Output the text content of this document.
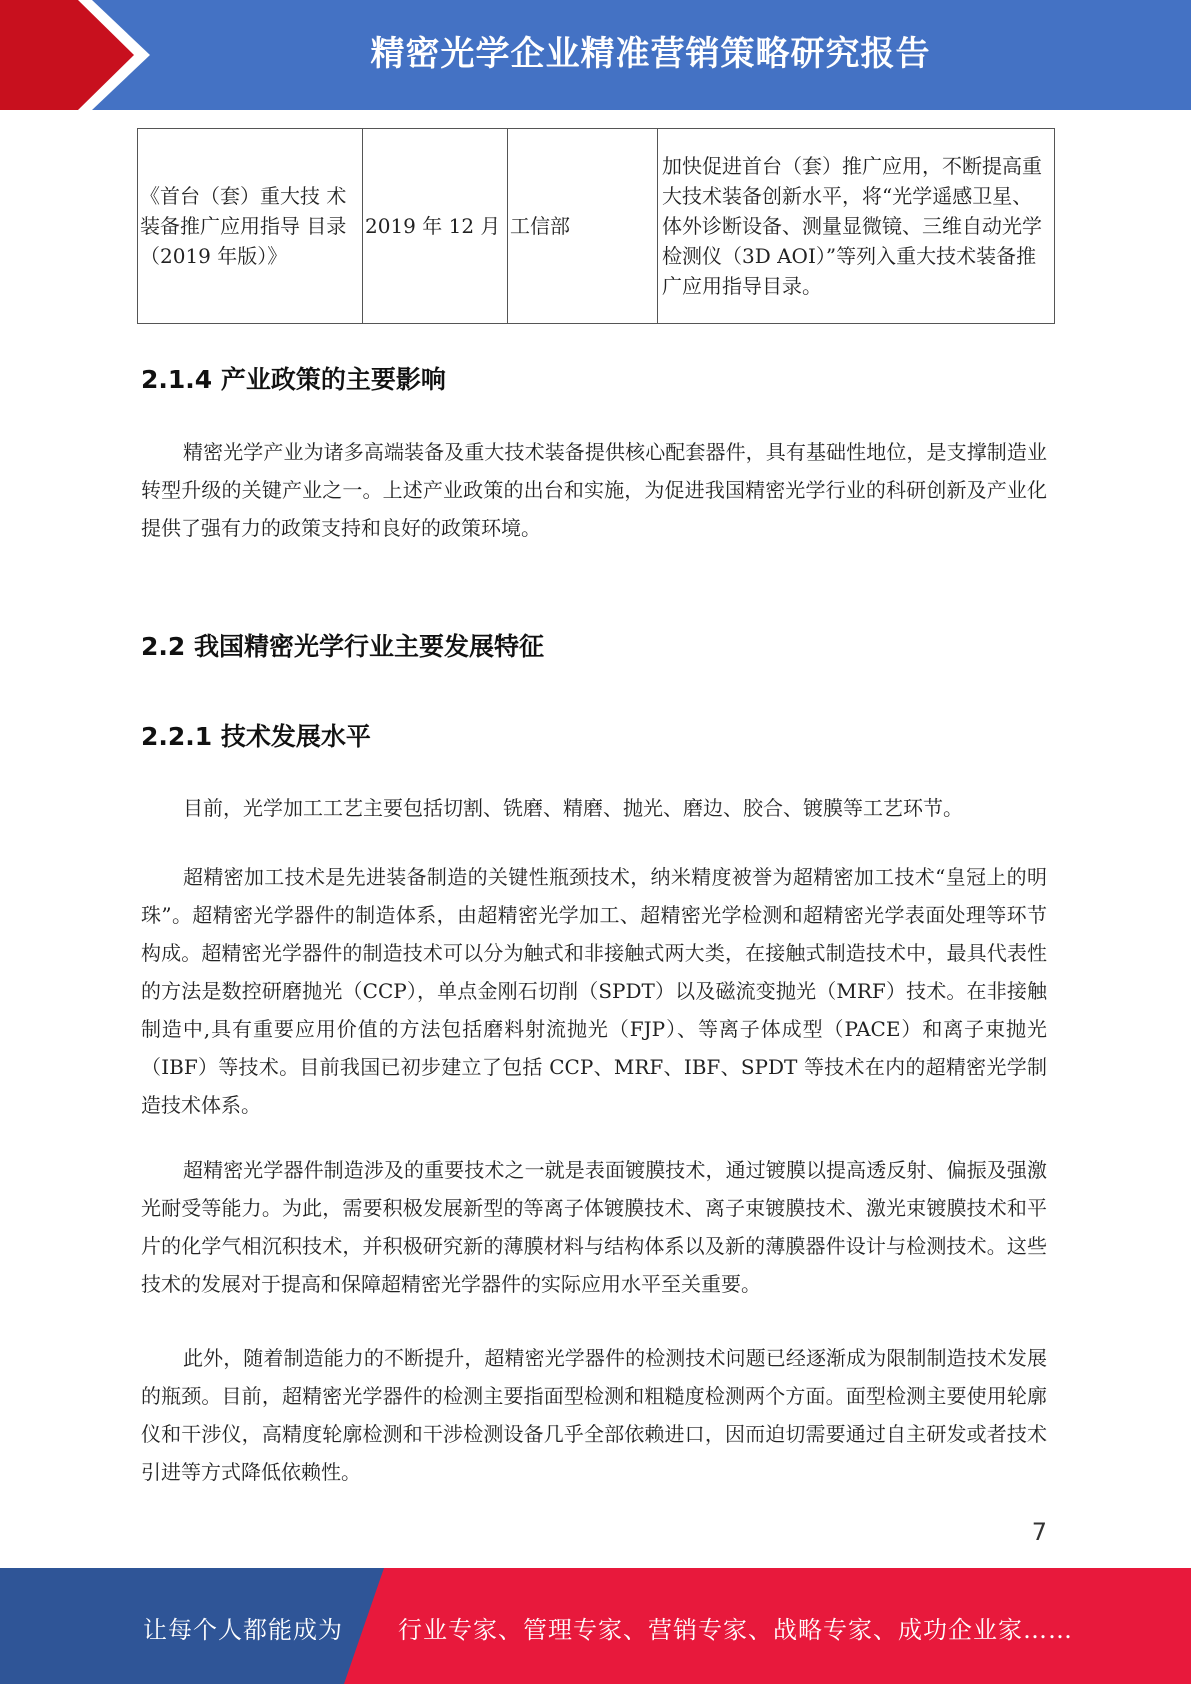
精密光学企业精准营销策略研究报告
《首台（套）重大技 术装备推广应用指导 目录（2019 年版）》	2019 年 12 月	工信部	加快促进首台（套）推广应用，不断提高重大技术装备创新水平，将“光学遥感卫星、体外诊断设备、测量显微镜、三维自动光学检测仪（3D AOI）”等列入重大技术装备推广应用指导目录。
2.1.4 产业政策的主要影响
精密光学产业为诸多高端装备及重大技术装备提供核心配套器件，具有基础性地位，是支撑制造业转型升级的关键产业之一。上述产业政策的出台和实施，为促进我国精密光学行业的科研创新及产业化提供了强有力的政策支持和良好的政策环境。
2.2 我国精密光学行业主要发展特征
2.2.1 技术发展水平
目前，光学加工工艺主要包括切割、铣磨、精磨、抛光、磨边、胶合、镀膜等工艺环节。
超精密加工技术是先进装备制造的关键性瓶颈技术，纳米精度被誉为超精密加工技术“皇冠上的明珠”。超精密光学器件的制造体系，由超精密光学加工、超精密光学检测和超精密光学表面处理等环节构成。超精密光学器件的制造技术可以分为触式和非接触式两大类，在接触式制造技术中，最具代表性的方法是数控研磨抛光（CCP），单点金刚石切削（SPDT）以及磁流变抛光（MRF）技术。在非接触制造中,具有重要应用价值的方法包括磨料射流抛光（FJP）、等离子体成型（PACE）和离子束抛光（IBF）等技术。目前我国已初步建立了包括 CCP、MRF、IBF、SPDT 等技术在内的超精密光学制造技术体系。
超精密光学器件制造涉及的重要技术之一就是表面镀膜技术，通过镀膜以提高透反射、偏振及强激光耐受等能力。为此，需要积极发展新型的等离子体镀膜技术、离子束镀膜技术、激光束镀膜技术和平片的化学气相沉积技术，并积极研究新的薄膜材料与结构体系以及新的薄膜器件设计与检测技术。这些技术的发展对于提高和保障超精密光学器件的实际应用水平至关重要。
此外，随着制造能力的不断提升，超精密光学器件的检测技术问题已经逐渐成为限制制造技术发展的瓶颈。目前，超精密光学器件的检测主要指面型检测和粗糙度检测两个方面。面型检测主要使用轮廓仪和干涉仪，高精度轮廓检测和干涉检测设备几乎全部依赖进口，因而迫切需要通过自主研发或者技术引进等方式降低依赖性。
7
让每个人都能成为 行业专家、管理专家、营销专家、战略专家、成功企业家……
